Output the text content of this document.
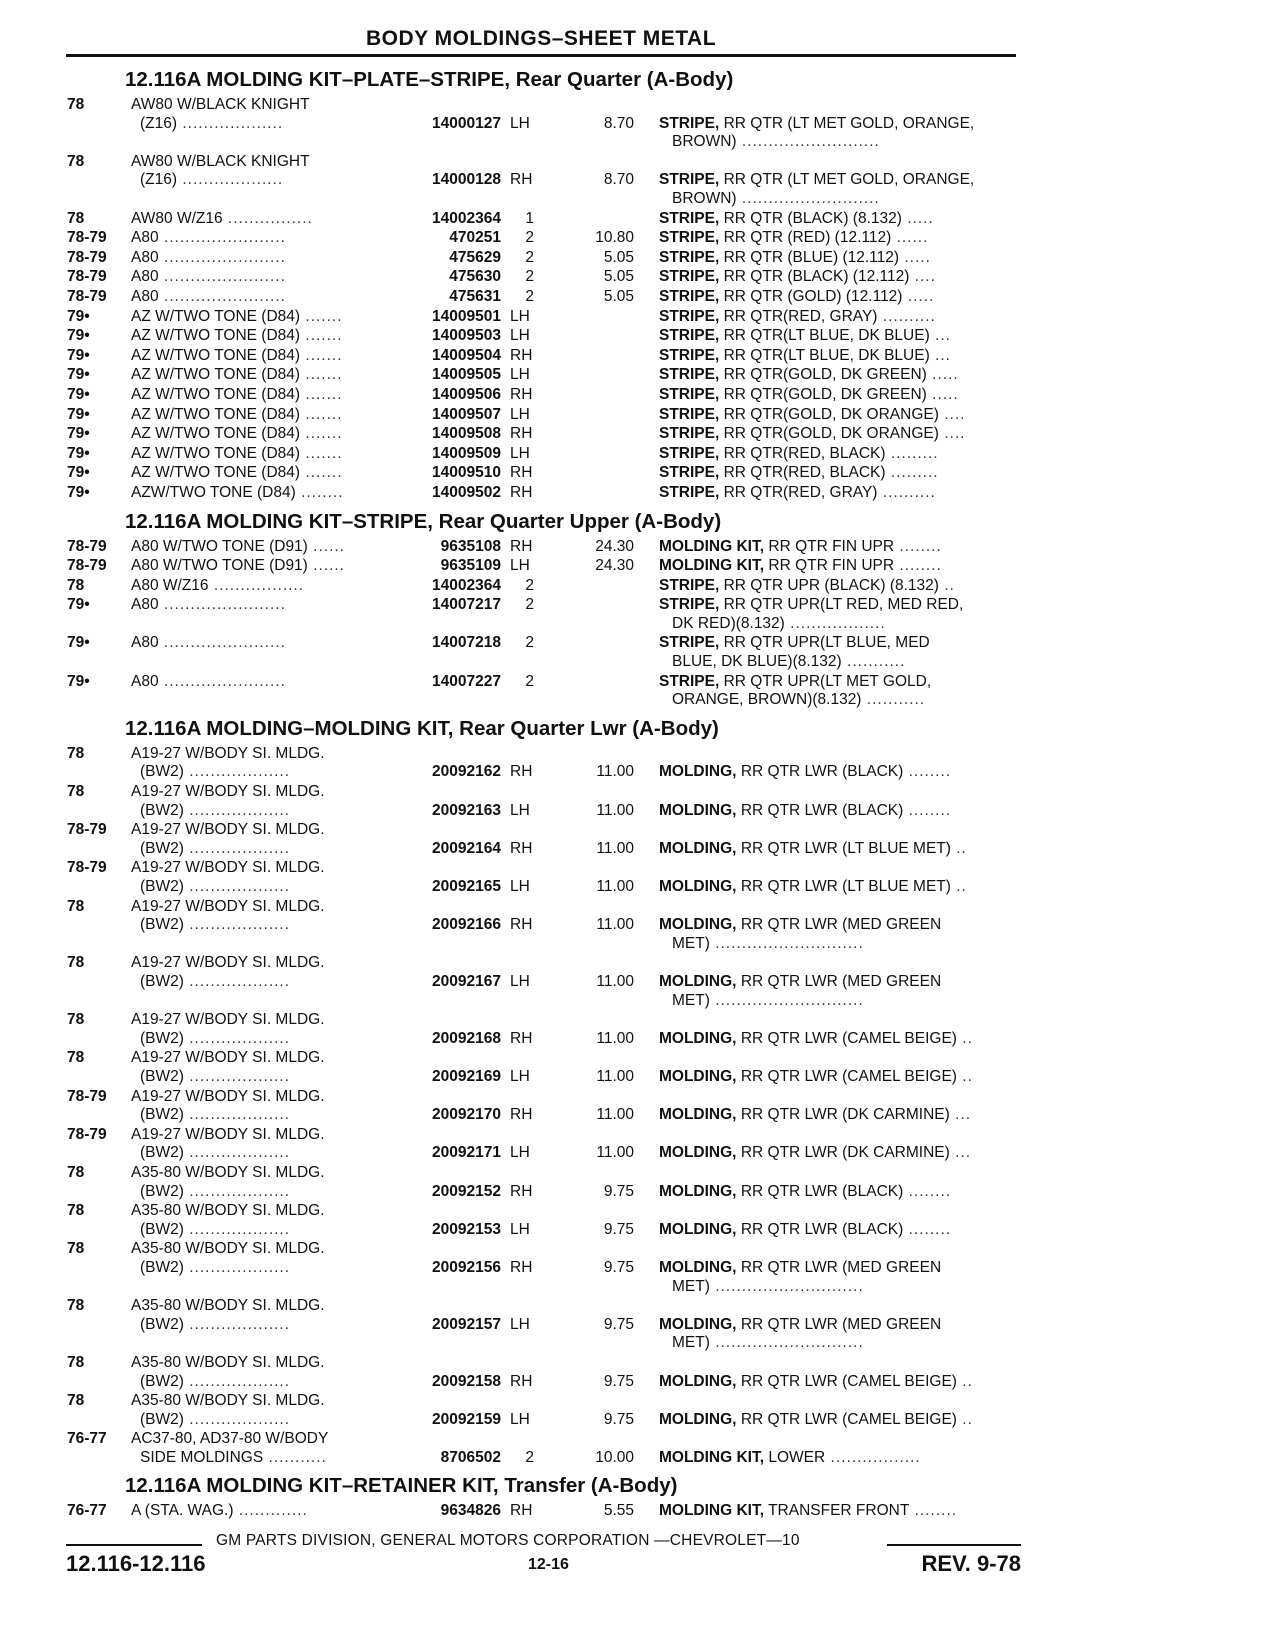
BODY MOLDINGS–SHEET METAL
12.116A MOLDING KIT–PLATE–STRIPE, Rear Quarter (A-Body)
78	AW80 W/BLACK KNIGHT
(Z16) ...................	14000127 LH	8.70 STRIPE, RR QTR (LT MET GOLD, ORANGE,
BROWN) ..........................
78	AW80 W/BLACK KNIGHT
(Z16) ...................	14000128 RH	8.70 STRIPE, RR QTR (LT MET GOLD, ORANGE,
BROWN) ..........................
78	AW80 W/Z16 ................	14002364	1	STRIPE, RR QTR (BLACK) (8.132) .....
78-79 A80 .......................	470251	2	10.80 STRIPE, RR QTR (RED) (12.112) ......
78-79 A80 .......................	475629	2	5.05 STRIPE, RR QTR (BLUE) (12.112) .....
78-79 A80 .......................	475630	2	5.05 STRIPE, RR QTR (BLACK) (12.112) ....
78-79 A80 .......................	475631	2	5.05 STRIPE, RR QTR (GOLD) (12.112) .....
79•	AZ W/TWO TONE (D84) .......	14009501 LH	STRIPE, RR QTR(RED, GRAY) ..........
79•	AZ W/TWO TONE (D84) .......	14009503 LH	STRIPE, RR QTR(LT BLUE, DK BLUE) ...
79•	AZ W/TWO TONE (D84) .......	14009504 RH	STRIPE, RR QTR(LT BLUE, DK BLUE) ...
79•	AZ W/TWO TONE (D84) .......	14009505 LH	STRIPE, RR QTR(GOLD, DK GREEN) .....
79•	AZ W/TWO TONE (D84) .......	14009506 RH	STRIPE, RR QTR(GOLD, DK GREEN) .....
79•	AZ W/TWO TONE (D84) .......	14009507 LH	STRIPE, RR QTR(GOLD, DK ORANGE) ....
79•	AZ W/TWO TONE (D84) .......	14009508 RH	STRIPE, RR QTR(GOLD, DK ORANGE) ....
79•	AZ W/TWO TONE (D84) .......	14009509 LH	STRIPE, RR QTR(RED, BLACK) .........
79•	AZ W/TWO TONE (D84) .......	14009510 RH	STRIPE, RR QTR(RED, BLACK) .........
79•	AZW/TWO TONE (D84) ........	14009502 RH	STRIPE, RR QTR(RED, GRAY) ..........
12.116A MOLDING KIT–STRIPE, Rear Quarter Upper (A-Body)
78-79 A80 W/TWO TONE (D91) ......	9635108 RH	24.30 MOLDING KIT, RR QTR FIN UPR ........
78-79 A80 W/TWO TONE (D91) ......	9635109 LH	24.30 MOLDING KIT, RR QTR FIN UPR ........
78	A80 W/Z16 .................	14002364	2	STRIPE, RR QTR UPR (BLACK) (8.132) ..
79•	A80 .......................	14007217	2	STRIPE, RR QTR UPR(LT RED, MED RED,
DK RED)(8.132) ..................
79•	A80 .......................	14007218	2	STRIPE, RR QTR UPR(LT BLUE, MED
BLUE, DK BLUE)(8.132) ...........
79•	A80 .......................	14007227	2	STRIPE, RR QTR UPR(LT MET GOLD,
ORANGE, BROWN)(8.132) ...........
12.116A MOLDING–MOLDING KIT, Rear Quarter Lwr (A-Body)
78	A19-27 W/BODY SI. MLDG.
(BW2) ...................	20092162 RH	11.00 MOLDING, RR QTR LWR (BLACK) ........
78	A19-27 W/BODY SI. MLDG.
(BW2) ...................	20092163 LH	11.00 MOLDING, RR QTR LWR (BLACK) ........
78-79 A19-27 W/BODY SI. MLDG.
(BW2) ...................	20092164 RH	11.00 MOLDING, RR QTR LWR (LT BLUE MET) ..
78-79 A19-27 W/BODY SI. MLDG.
(BW2) ...................	20092165 LH	11.00 MOLDING, RR QTR LWR (LT BLUE MET) ..
78	A19-27 W/BODY SI. MLDG.
(BW2) ...................	20092166 RH	11.00 MOLDING, RR QTR LWR (MED GREEN
MET) ............................
78	A19-27 W/BODY SI. MLDG.
(BW2) ...................	20092167 LH	11.00 MOLDING, RR QTR LWR (MED GREEN
MET) ............................
78	A19-27 W/BODY SI. MLDG.
(BW2) ...................	20092168 RH	11.00 MOLDING, RR QTR LWR (CAMEL BEIGE) ..
78	A19-27 W/BODY SI. MLDG.
(BW2) ...................	20092169 LH	11.00 MOLDING, RR QTR LWR (CAMEL BEIGE) ..
78-79 A19-27 W/BODY SI. MLDG.
(BW2) ...................	20092170 RH	11.00 MOLDING, RR QTR LWR (DK CARMINE) ...
78-79 A19-27 W/BODY SI. MLDG.
(BW2) ...................	20092171 LH	11.00 MOLDING, RR QTR LWR (DK CARMINE) ...
78	A35-80 W/BODY SI. MLDG.
(BW2) ...................	20092152 RH	9.75 MOLDING, RR QTR LWR (BLACK) ........
78	A35-80 W/BODY SI. MLDG.
(BW2) ...................	20092153 LH	9.75 MOLDING, RR QTR LWR (BLACK) ........
78	A35-80 W/BODY SI. MLDG.
(BW2) ...................	20092156 RH	9.75 MOLDING, RR QTR LWR (MED GREEN
MET) ............................
78	A35-80 W/BODY SI. MLDG.
(BW2) ...................	20092157 LH	9.75 MOLDING, RR QTR LWR (MED GREEN
MET) ............................
78	A35-80 W/BODY SI. MLDG.
(BW2) ...................	20092158 RH	9.75 MOLDING, RR QTR LWR (CAMEL BEIGE) ..
78	A35-80 W/BODY SI. MLDG.
(BW2) ...................	20092159 LH	9.75 MOLDING, RR QTR LWR (CAMEL BEIGE) ..
76-77 AC37-80, AD37-80 W/BODY
SIDE MOLDINGS ...........	8706502	2	10.00 MOLDING KIT, LOWER .................
12.116A MOLDING KIT–RETAINER KIT, Transfer (A-Body)
76-77 A (STA. WAG.) .............	9634826 RH	5.55 MOLDING KIT, TRANSFER FRONT ........
GM PARTS DIVISION, GENERAL MOTORS CORPORATION —CHEVROLET—10
12.116-12.116	12-16	REV. 9-78
